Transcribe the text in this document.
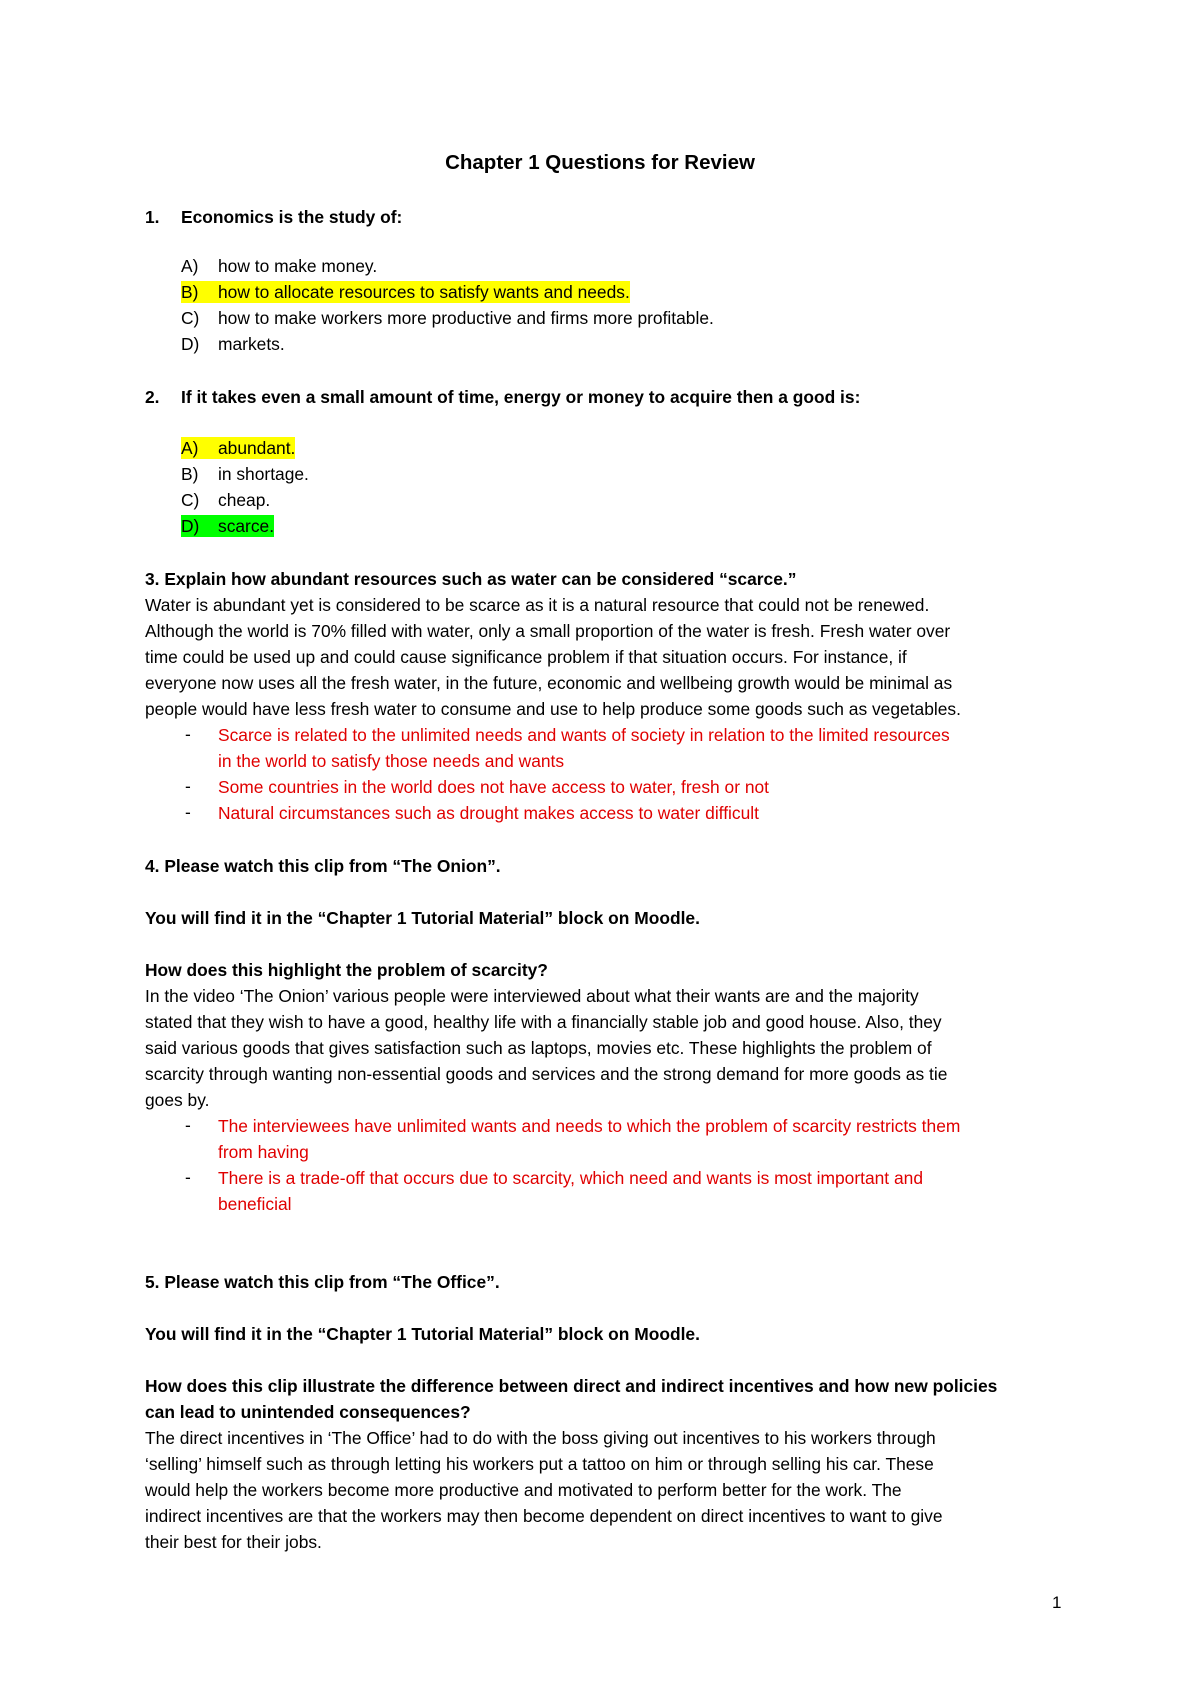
Chapter 1 Questions for Review
1. Economics is the study of:
A) how to make money.
B)	how to allocate resources to satisfy wants and needs.
C) how to make workers more productive and firms more profitable.
D) markets.
2. If it takes even a small amount of time, energy or money to acquire then a good is:
A)	abundant.
B) in shortage.
C) cheap.
D)	scarce.
3. Explain how abundant resources such as water can be considered “scarce.”
Water is abundant yet is considered to be scarce as it is a natural resource that could not be renewed.
Although the world is 70% filled with water, only a small proportion of the water is fresh. Fresh water over
time could be used up and could cause significance problem if that situation occurs. For instance, if
everyone now uses all the fresh water, in the future, economic and wellbeing growth would be minimal as
people would have less fresh water to consume and use to help produce some goods such as vegetables.
- Scarce is related to the unlimited needs and wants of society in relation to the limited resources
in the world to satisfy those needs and wants
- Some countries in the world does not have access to water, fresh or not
- Natural circumstances such as drought makes access to water difficult
4. Please watch this clip from “The Onion”.
You will find it in the “Chapter 1 Tutorial Material” block on Moodle.
How does this highlight the problem of scarcity?
In the video ‘The Onion’ various people were interviewed about what their wants are and the majority
stated that they wish to have a good, healthy life with a financially stable job and good house. Also, they
said various goods that gives satisfaction such as laptops, movies etc. These highlights the problem of
scarcity through wanting non-essential goods and services and the strong demand for more goods as tie
goes by.
- The interviewees have unlimited wants and needs to which the problem of scarcity restricts them
from having
- There is a trade-off that occurs due to scarcity, which need and wants is most important and
beneficial
5. Please watch this clip from “The Office”.
You will find it in the “Chapter 1 Tutorial Material” block on Moodle.
How does this clip illustrate the difference between direct and indirect incentives and how new policies
can lead to unintended consequences?
The direct incentives in ‘The Office’ had to do with the boss giving out incentives to his workers through
‘selling’ himself such as through letting his workers put a tattoo on him or through selling his car. These
would help the workers become more productive and motivated to perform better for the work. The
indirect incentives are that the workers may then become dependent on direct incentives to want to give
their best for their jobs.
1
